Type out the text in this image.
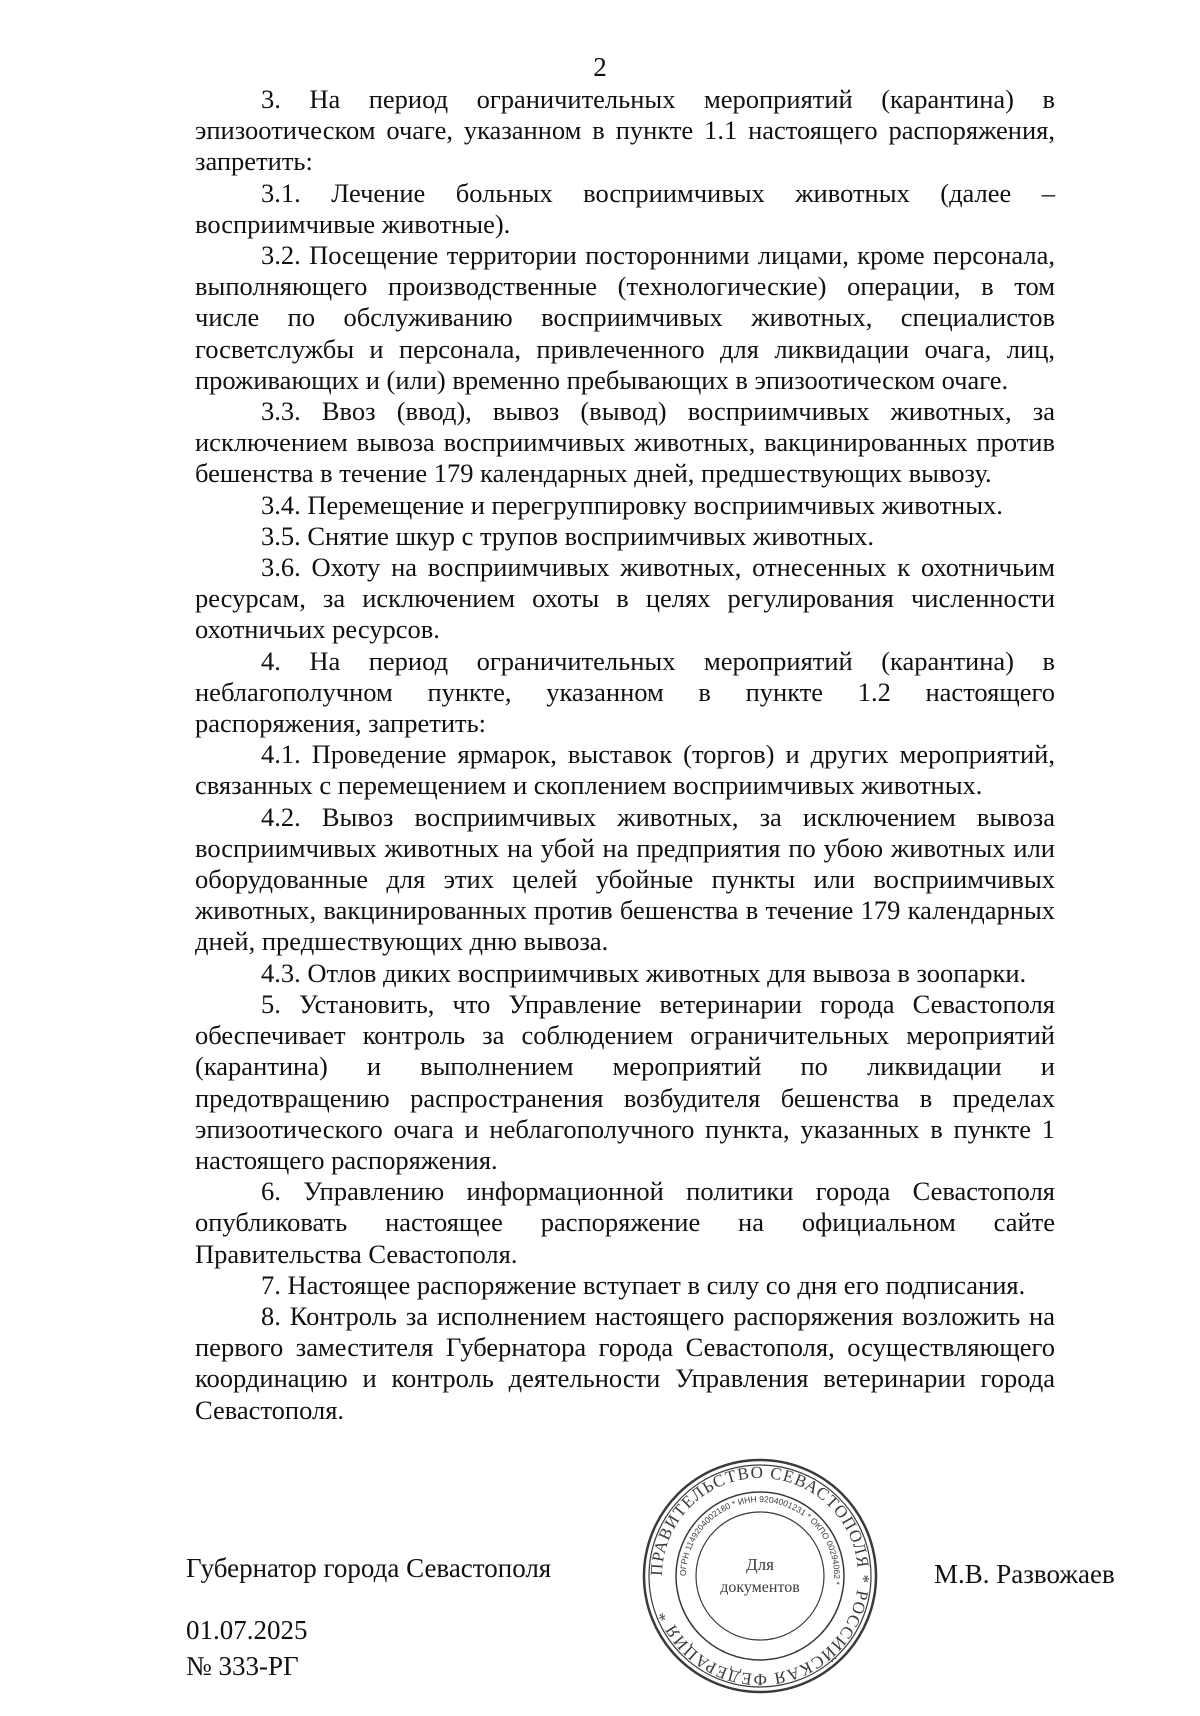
2

3. На период ограничительных мероприятий (карантина) в эпизоотическом очаге, указанном в пункте 1.1 настоящего распоряжения, запретить:

3.1. Лечение больных восприимчивых животных (далее – восприимчивые животные).

3.2. Посещение территории посторонними лицами, кроме персонала, выполняющего производственные (технологические) операции, в том числе по обслуживанию восприимчивых животных, специалистов госветслужбы и персонала, привлеченного для ликвидации очага, лиц, проживающих и (или) временно пребывающих в эпизоотическом очаге.

3.3. Ввоз (ввод), вывоз (вывод) восприимчивых животных, за исключением вывоза восприимчивых животных, вакцинированных против бешенства в течение 179 календарных дней, предшествующих вывозу.

3.4. Перемещение и перегруппировку восприимчивых животных.

3.5. Снятие шкур с трупов восприимчивых животных.

3.6. Охоту на восприимчивых животных, отнесенных к охотничьим ресурсам, за исключением охоты в целях регулирования численности охотничьих ресурсов.

4. На период ограничительных мероприятий (карантина) в неблагополучном пункте, указанном в пункте 1.2 настоящего распоряжения, запретить:

4.1. Проведение ярмарок, выставок (торгов) и других мероприятий, связанных с перемещением и скоплением восприимчивых животных.

4.2. Вывоз восприимчивых животных, за исключением вывоза восприимчивых животных на убой на предприятия по убою животных или оборудованные для этих целей убойные пункты или восприимчивых животных, вакцинированных против бешенства в течение 179 календарных дней, предшествующих дню вывоза.

4.3. Отлов диких восприимчивых животных для вывоза в зоопарки.

5. Установить, что Управление ветеринарии города Севастополя обеспечивает контроль за соблюдением ограничительных мероприятий (карантина) и выполнением мероприятий по ликвидации и предотвращению распространения возбудителя бешенства в пределах эпизоотического очага и неблагополучного пункта, указанных в пункте 1 настоящего распоряжения.

6. Управлению информационной политики города Севастополя опубликовать настоящее распоряжение на официальном сайте Правительства Севастополя.

7. Настоящее распоряжение вступает в силу со дня его подписания.

8. Контроль за исполнением настоящего распоряжения возложить на первого заместителя Губернатора города Севастополя, осуществляющего координацию и контроль деятельности Управления ветеринарии города Севастополя.

Губернатор города Севастополя	М.В. Развожаев
01.07.2025
№ 333-РГ
ПРАВИТЕЛЬСТВО СЕВАСТОПОЛЯ * РОССИЙСКАЯ ФЕДЕРАЦИЯ *
ОГРН 1149204002180 * ИНН 9204001231 * ОКПО 00294062 *
Для
документов
